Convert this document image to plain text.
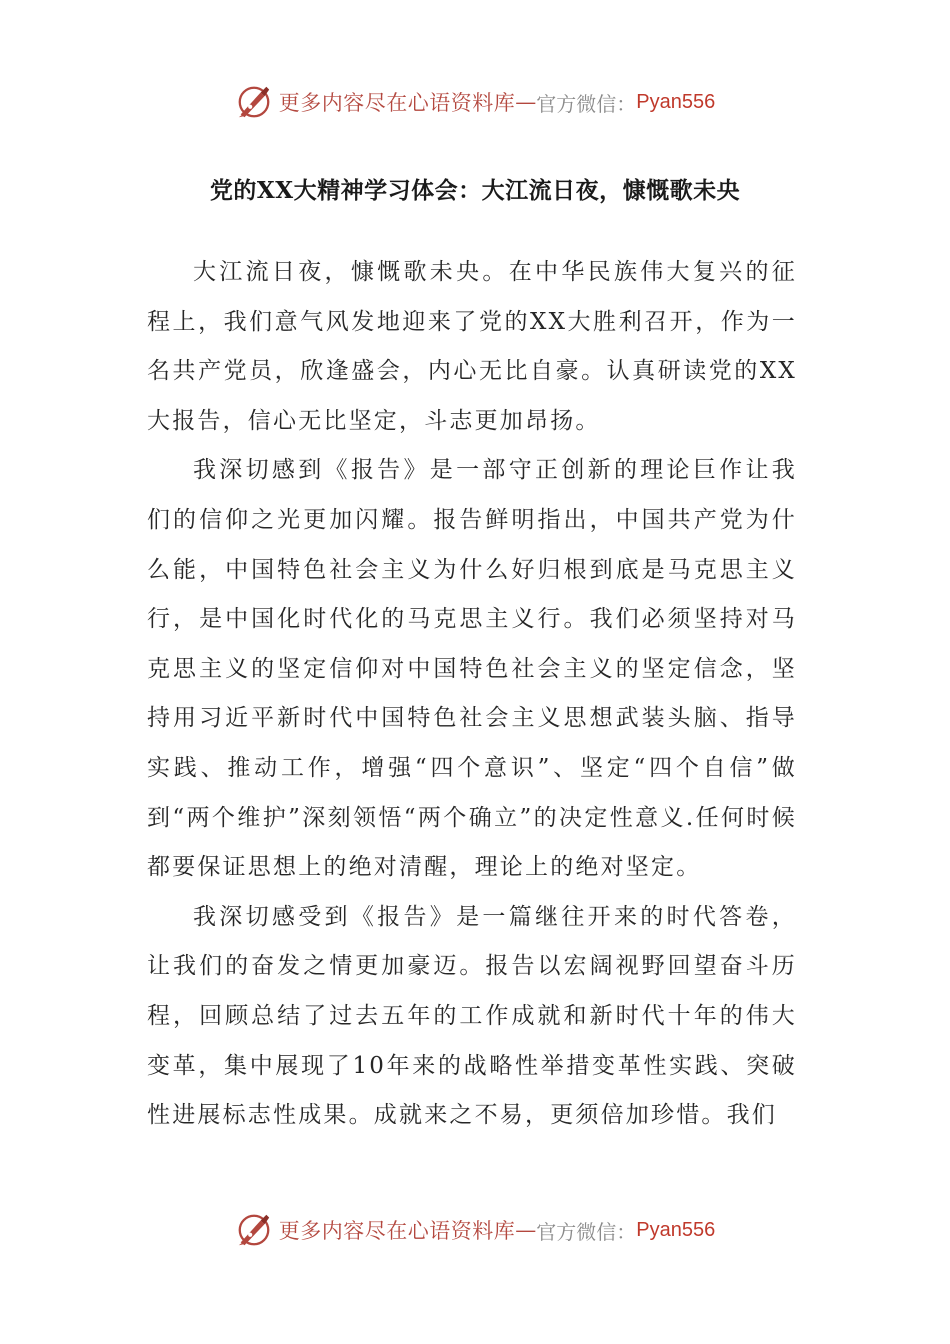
更多内容尽在心语资料库 — 官方微信： Pyan556
党的XX大精神学习体会：大江流日夜，慷慨歌未央

大江流日夜，慷慨歌未央。在中华民族伟大复兴的征程上，我们意气风发地迎来了党的XX大胜利召开，作为一名共产党员，欣逢盛会，内心无比自豪。认真研读党的XX大报告，信心无比坚定，斗志更加昂扬。

我深切感到《报告》是一部守正创新的理论巨作让我们的信仰之光更加闪耀。报告鲜明指出，中国共产党为什么能，中国特色社会主义为什么好归根到底是马克思主义行，是中国化时代化的马克思主义行。我们必须坚持对马克思主义的坚定信仰对中国特色社会主义的坚定信念，坚持用习近平新时代中国特色社会主义思想武装头脑、指导实践、推动工作，增强“四个意识”、坚定“四个自信”做到“两个维护”深刻领悟“两个确立”的决定性意义.任何时候都要保证思想上的绝对清醒，理论上的绝对坚定。

我深切感受到《报告》是一篇继往开来的时代答卷，让我们的奋发之情更加豪迈。报告以宏阔视野回望奋斗历程，回顾总结了过去五年的工作成就和新时代十年的伟大变革，集中展现了10年来的战略性举措变革性实践、突破性进展标志性成果。成就来之不易，更须倍加珍惜。我们

更多内容尽在心语资料库 — 官方微信： Pyan556
